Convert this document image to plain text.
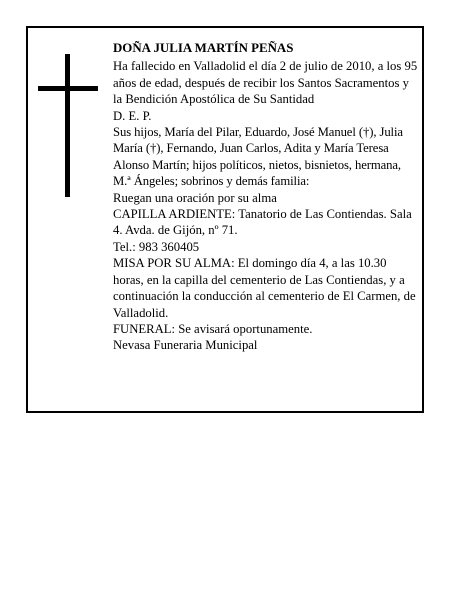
DOÑA JULIA MARTÍN PEÑAS

Ha fallecido en Valladolid el día 2 de julio de 2010, a los 95 años de edad, después de recibir los Santos Sacramentos y la Bendición Apostólica de Su Santidad

D. E. P.

Sus hijos, María del Pilar, Eduardo, José Manuel (†), Julia María (†), Fernando, Juan Carlos, Adita y María Teresa Alonso Martín; hijos políticos, nietos, bisnietos, hermana, M.ª Ángeles; sobrinos y demás familia:

Ruegan una oración por su alma

CAPILLA ARDIENTE: Tanatorio de Las Contiendas. Sala 4. Avda. de Gijón, nº 71.

Tel.: 983 360405

MISA POR SU ALMA: El domingo día 4, a las 10.30 horas, en la capilla del cementerio de Las Contiendas, y a continuación la conducción al cementerio de El Carmen, de Valladolid.

FUNERAL: Se avisará oportunamente.

Nevasa Funeraria Municipal
